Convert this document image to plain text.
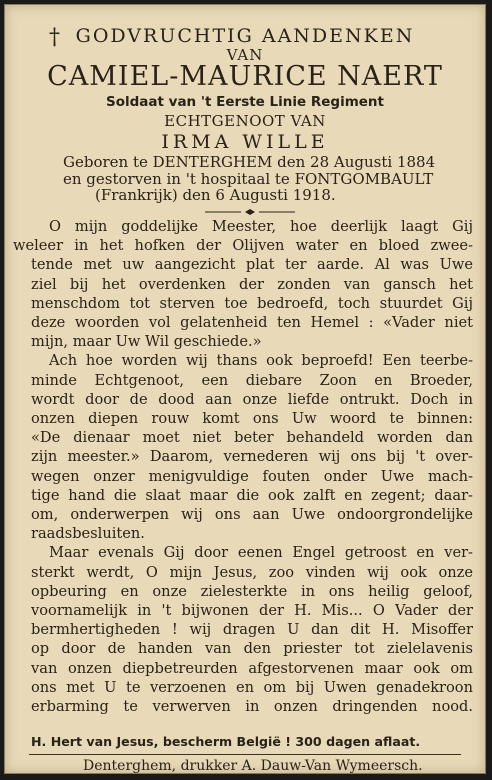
† GODVRUCHTIG AANDENKEN
VAN
CAMIEL-MAURICE NAERT
Soldaat van 't Eerste Linie Regiment
ECHTGENOOT VAN
IRMA WILLE
Geboren te DENTERGHEM den 28 Augusti 1884
en gestorven in 't hospitaal te FONTGOMBAULT
(Frankrijk) den 6 Augusti 1918.

O mijn goddelijke Meester, hoe deerlijk laagt Gij
weleer in het hofken der Olijven water en bloed zwee-
tende met uw aangezicht plat ter aarde. Al was Uwe
ziel bij het overdenken der zonden van gansch het
menschdom tot sterven toe bedroefd, toch stuurdet Gij
deze woorden vol gelatenheid ten Hemel : «Vader niet
mijn, maar Uw Wil geschiede.»

Ach hoe worden wij thans ook beproefd! Een teerbe-
minde Echtgenoot, een diebare Zoon en Broeder,
wordt door de dood aan onze liefde ontrukt. Doch in
onzen diepen rouw komt ons Uw woord te binnen:
«De dienaar moet niet beter behandeld worden dan
zijn meester.» Daarom, vernederen wij ons bij 't over-
wegen onzer menigvuldige fouten onder Uwe mach-
tige hand die slaat maar die ook zalft en zegent; daar-
om, onderwerpen wij ons aan Uwe ondoorgrondelijke
raadsbesluiten.

Maar evenals Gij door eenen Engel getroost en ver-
sterkt werdt, O mijn Jesus, zoo vinden wij ook onze
opbeuring en onze zielesterkte in ons heilig geloof,
voornamelijk in 't bijwonen der H. Mis... O Vader der
bermhertigheden ! wij dragen U dan dit H. Misoffer
op door de handen van den priester tot zielelavenis
van onzen diepbetreurden afgestorvenen maar ook om
ons met U te verzoenen en om bij Uwen genadekroon
erbarming te verwerven in onzen dringenden nood.

H. Hert van Jesus, bescherm België ! 300 dagen aflaat.
Denterghem, drukker A. Dauw-Van Wymeersch.
